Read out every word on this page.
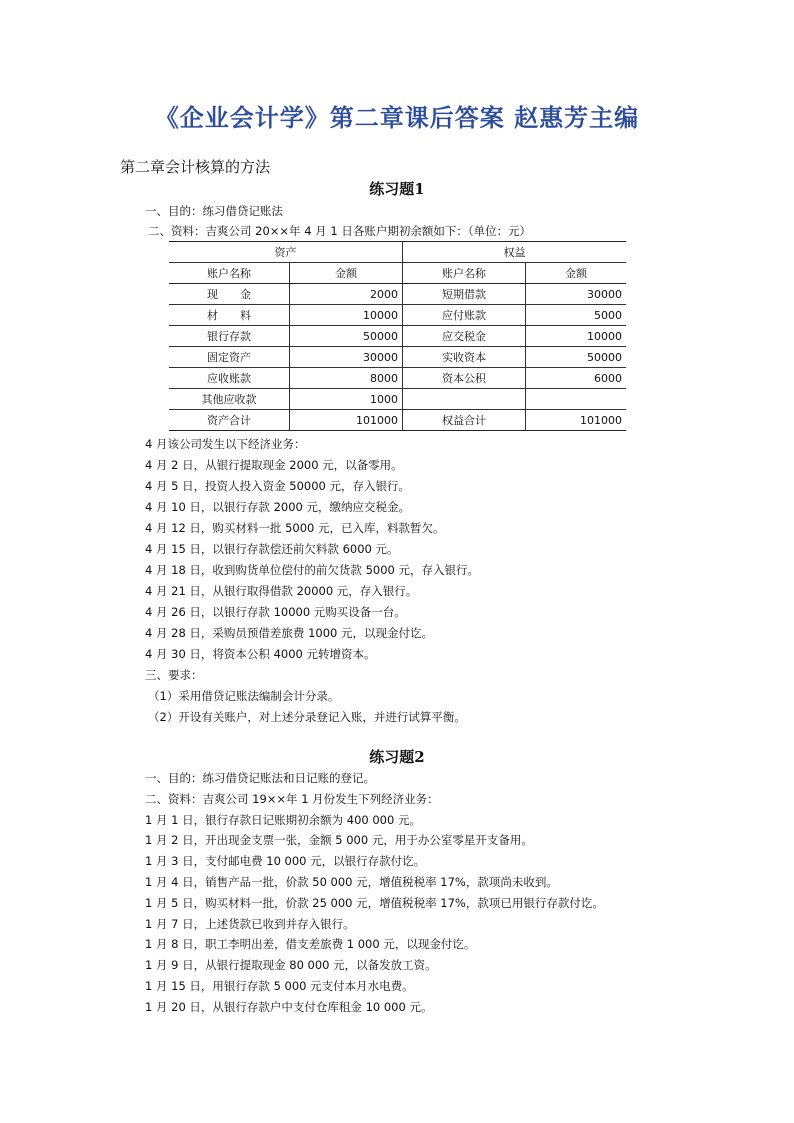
《企业会计学》第二章课后答案 赵惠芳主编
第二章会计核算的方法
练习题1
一、目的：练习借贷记账法
二、资料：吉爽公司 20××年 4 月 1 日各账户期初余额如下：（单位：元）
资产		权益	
账户名称	金额	账户名称	金额
现　　金	2000	短期借款	30000
材　　料	10000	应付账款	5000
银行存款	50000	应交税金	10000
固定资产	30000	实收资本	50000
应收账款	8000	资本公积	6000
其他应收款	1000		
资产合计	101000	权益合计	101000
4 月该公司发生以下经济业务：
4 月 2 日，从银行提取现金 2000 元，以备零用。
4 月 5 日，投资人投入资金 50000 元，存入银行。
4 月 10 日，以银行存款 2000 元，缴纳应交税金。
4 月 12 日，购买材料一批 5000 元，已入库，料款暂欠。
4 月 15 日，以银行存款偿还前欠料款 6000 元。
4 月 18 日，收到购货单位偿付的前欠货款 5000 元，存入银行。
4 月 21 日，从银行取得借款 20000 元，存入银行。
4 月 26 日，以银行存款 10000 元购买设备一台。
4 月 28 日，采购员预借差旅费 1000 元，以现金付讫。
4 月 30 日，将资本公积 4000 元转增资本。
三、要求：
（1）采用借贷记账法编制会计分录。
（2）开设有关账户，对上述分录登记入账，并进行试算平衡。
练习题2
一、目的：练习借贷记账法和日记账的登记。
二、资料：吉爽公司 19××年 1 月份发生下列经济业务：
1 月 1 日，银行存款日记账期初余额为 400 000 元。
1 月 2 日，开出现金支票一张，金额 5 000 元，用于办公室零星开支备用。
1 月 3 日，支付邮电费 10 000 元，以银行存款付讫。
1 月 4 日，销售产品一批，价款 50 000 元，增值税税率 17%，款项尚未收到。
1 月 5 日，购买材料一批，价款 25 000 元，增值税税率 17%，款项已用银行存款付讫。
1 月 7 日，上述货款已收到并存入银行。
1 月 8 日，职工李明出差，借支差旅费 1 000 元，以现金付讫。
1 月 9 日，从银行提取现金 80 000 元，以备发放工资。
1 月 15 日，用银行存款 5 000 元支付本月水电费。
1 月 20 日，从银行存款户中支付仓库租金 10 000 元。
